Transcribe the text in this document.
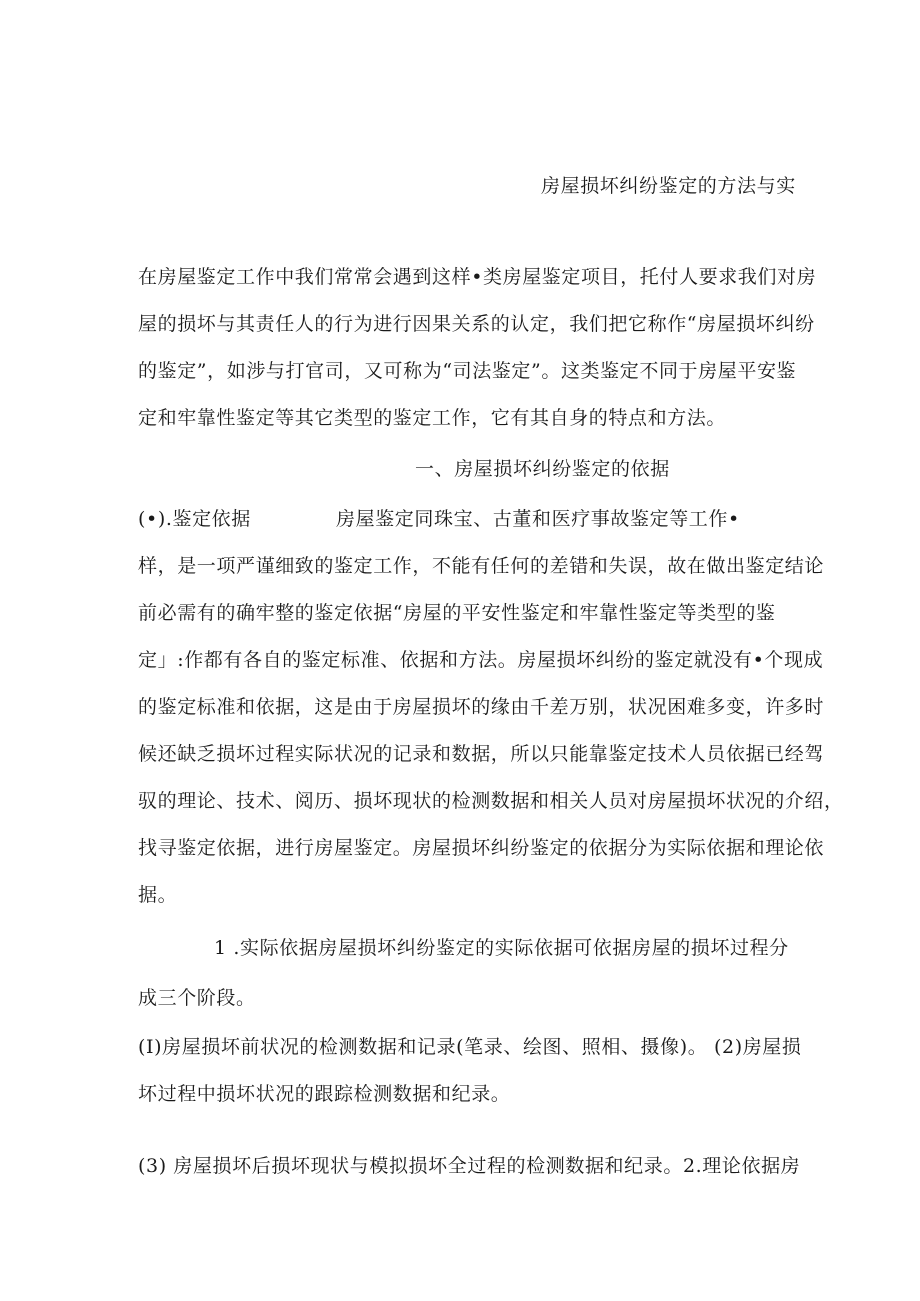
房屋损坏纠纷鉴定的方法与实
在房屋鉴定工作中我们常常会遇到这样•类房屋鉴定项目，托付人要求我们对房
屋的损坏与其责任人的行为进行因果关系的认定，我们把它称作“房屋损坏纠纷
的鉴定”，如涉与打官司，又可称为“司法鉴定”。这类鉴定不同于房屋平安鉴
定和牢靠性鉴定等其它类型的鉴定工作，它有其自身的特点和方法。
一、房屋损坏纠纷鉴定的依据
(•).鉴定依据	房屋鉴定同珠宝、古董和医疗事故鉴定等工作•
样，是一项严谨细致的鉴定工作，不能有任何的差错和失误，故在做出鉴定结论
前必需有的确牢整的鉴定依据“房屋的平安性鉴定和牢靠性鉴定等类型的鉴
定」:作都有各自的鉴定标准、依据和方法。房屋损坏纠纷的鉴定就没有•个现成
的鉴定标准和依据，这是由于房屋损坏的缘由千差万别，状况困难多变，许多时
候还缺乏损坏过程实际状况的记录和数据，所以只能靠鉴定技术人员依据已经驾
驭的理论、技术、阅历、损坏现状的检测数据和相关人员对房屋损坏状况的介绍，
找寻鉴定依据，进行房屋鉴定。房屋损坏纠纷鉴定的依据分为实际依据和理论依
据。
1 .实际依据房屋损坏纠纷鉴定的实际依据可依据房屋的损坏过程分
成三个阶段。
(I)房屋损坏前状况的检测数据和记录(笔录、绘图、照相、摄像)。 (2)房屋损
坏过程中损坏状况的跟踪检测数据和纪录。
(3) 房屋损坏后损坏现状与模拟损坏全过程的检测数据和纪录。2.理论依据房
